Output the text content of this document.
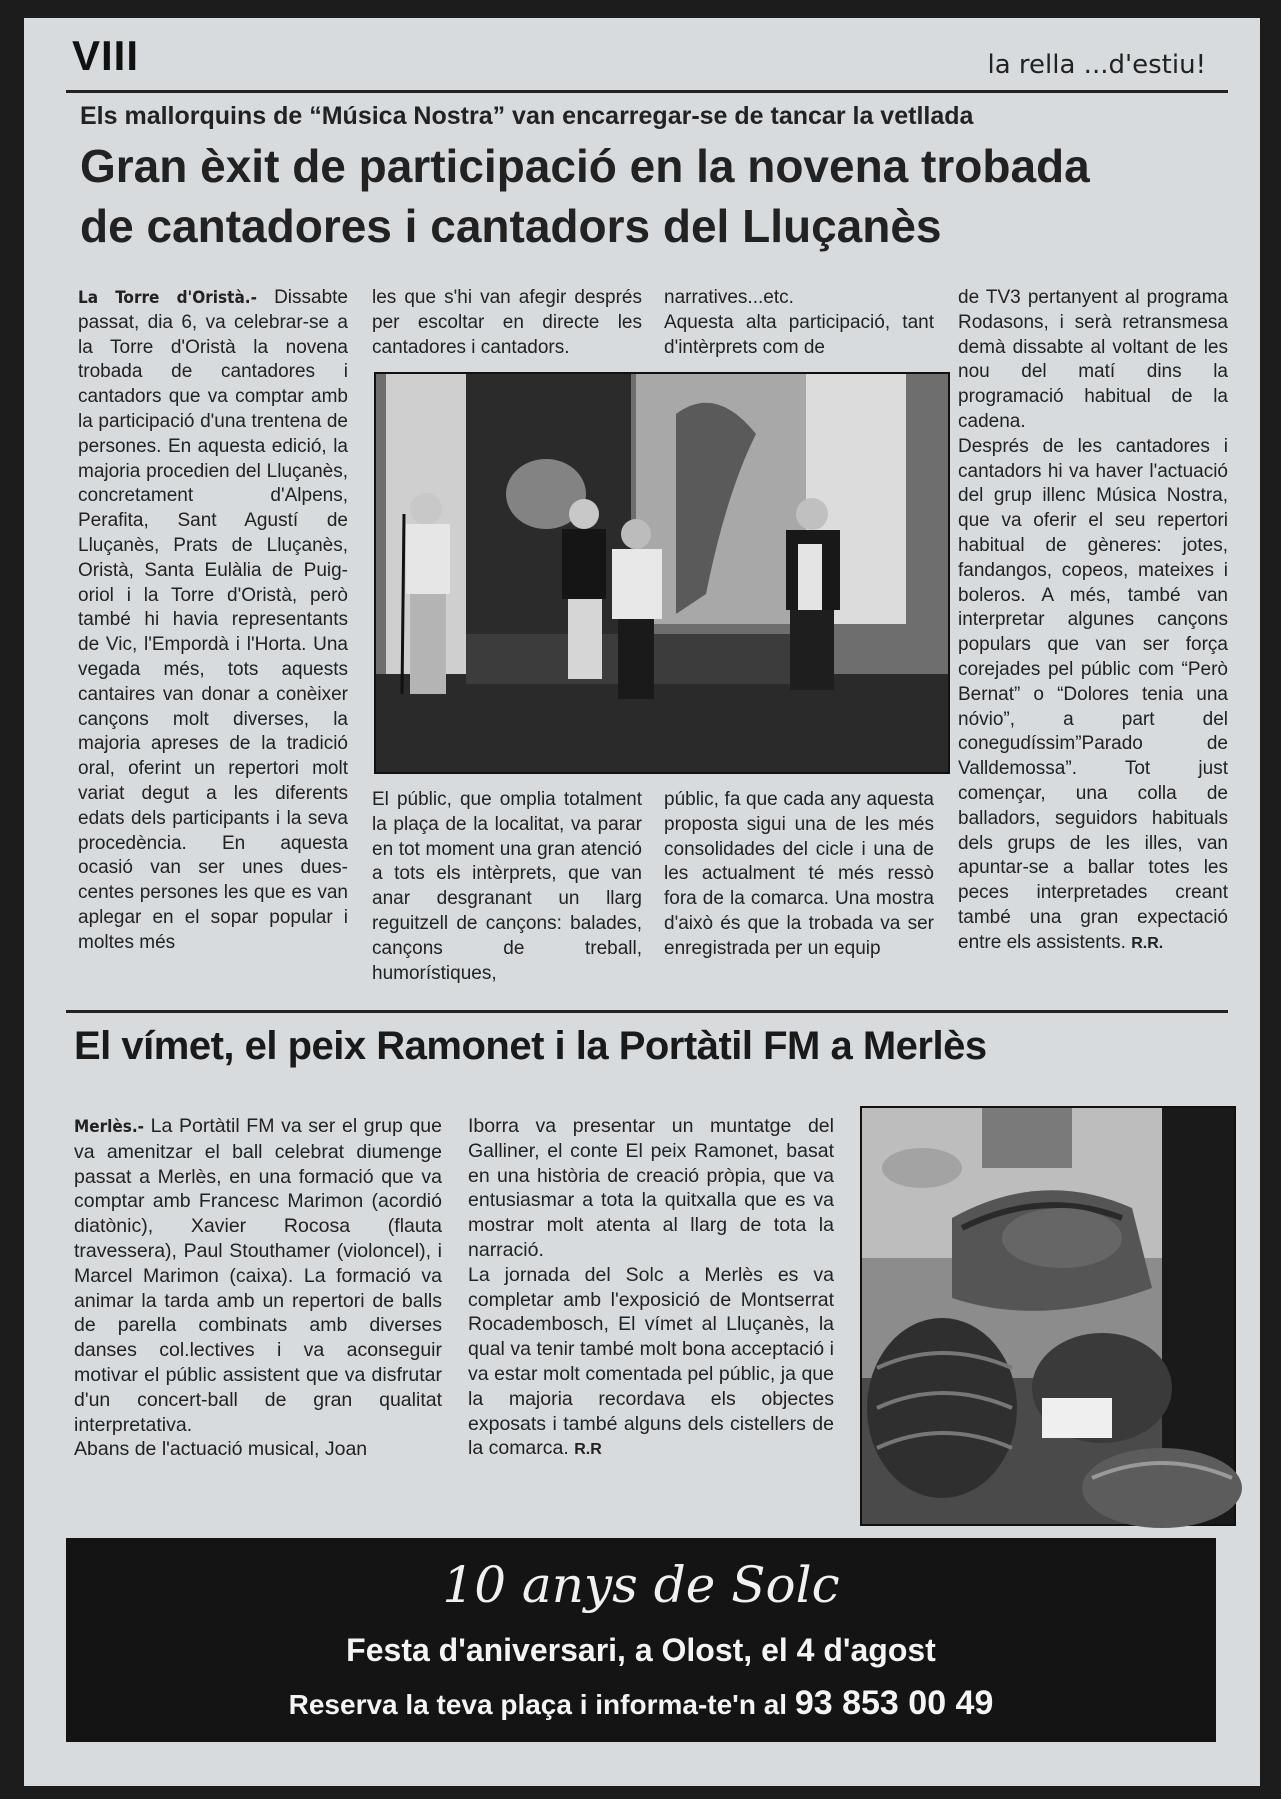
VIII	la rella ...d'estiu!
Els mallorquins de “Música Nostra” van encarregar-se de tancar la vetllada
Gran èxit de participació en la novena trobada
de cantadores i cantadors del Lluçanès

La Torre d'Oristà.- Dissabte passat, dia 6, va celebrar-se a la Torre d'Oristà la novena trobada de cantadores i cantadors que va comptar amb la participació d'una trentena de persones. En aquesta edició, la majoria procedien del Lluçanès, concretament d'Alpens, Perafita, Sant Agustí de Lluçanès, Prats de Lluçanès, Oristà, Santa Eulàlia de Puig-oriol i la Torre d'Oristà, però també hi havia representants de Vic, l'Empordà i l'Horta. Una vegada més, tots aquests cantaires van donar a conèixer cançons molt diverses, la majoria apreses de la tradició oral, oferint un repertori molt variat degut a les diferents edats dels participants i la seva procedència. En aquesta ocasió van ser unes dues-centes persones les que es van aplegar en el sopar popular i moltes més

les que s'hi van afegir després per escoltar en directe les cantadores i cantadors.

narratives...etc.

Aquesta alta participació, tant d'intèrprets com de

El públic, que omplia totalment la plaça de la localitat, va parar en tot moment una gran atenció a tots els intèrprets, que van anar desgranant un llarg reguitzell de cançons: balades, cançons de treball, humorístiques,

públic, fa que cada any aquesta proposta sigui una de les més consolidades del cicle i una de les actualment té més ressò fora de la comarca. Una mostra d'això és que la trobada va ser enregistrada per un equip

de TV3 pertanyent al programa Rodasons, i serà retransmesa demà dissabte al voltant de les nou del matí dins la programació habitual de la cadena.

Després de les cantadores i cantadors hi va haver l'actuació del grup illenc Música Nostra, que va oferir el seu repertori habitual de gèneres: jotes, fandangos, copeos, mateixes i boleros. A més, també van interpretar algunes cançons populars que van ser força corejades pel públic com “Però Bernat” o “Dolores tenia una nóvio”, a part del conegudíssim”Parado de Valldemossa”. Tot just començar, una colla de balladors, seguidors habituals dels grups de les illes, van apuntar-se a ballar totes les peces interpretades creant també una gran expectació entre els assistents. R.R.

El vímet, el peix Ramonet i la Portàtil FM a Merlès

Merlès.- La Portàtil FM va ser el grup que va amenitzar el ball celebrat diumenge passat a Merlès, en una formació que va comptar amb Francesc Marimon (acordió diatònic), Xavier Rocosa (flauta travessera), Paul Stouthamer (violoncel), i Marcel Marimon (caixa). La formació va animar la tarda amb un repertori de balls de parella combinats amb diverses danses col.lectives i va aconseguir motivar el públic assistent que va disfrutar d'un concert-ball de gran qualitat interpretativa.

Abans de l'actuació musical, Joan

Iborra va presentar un muntatge del Galliner, el conte El peix Ramonet, basat en una història de creació pròpia, que va entusiasmar a tota la quitxalla que es va mostrar molt atenta al llarg de tota la narració.

La jornada del Solc a Merlès es va completar amb l'exposició de Montserrat Rocadembosch, El vímet al Lluçanès, la qual va tenir també molt bona acceptació i va estar molt comentada pel públic, ja que la majoria recordava els objectes exposats i també alguns dels cistellers de la comarca. R.R

10 anys de Solc
Festa d'aniversari, a Olost, el 4 d'agost
Reserva la teva plaça i informa-te'n al 93 853 00 49
